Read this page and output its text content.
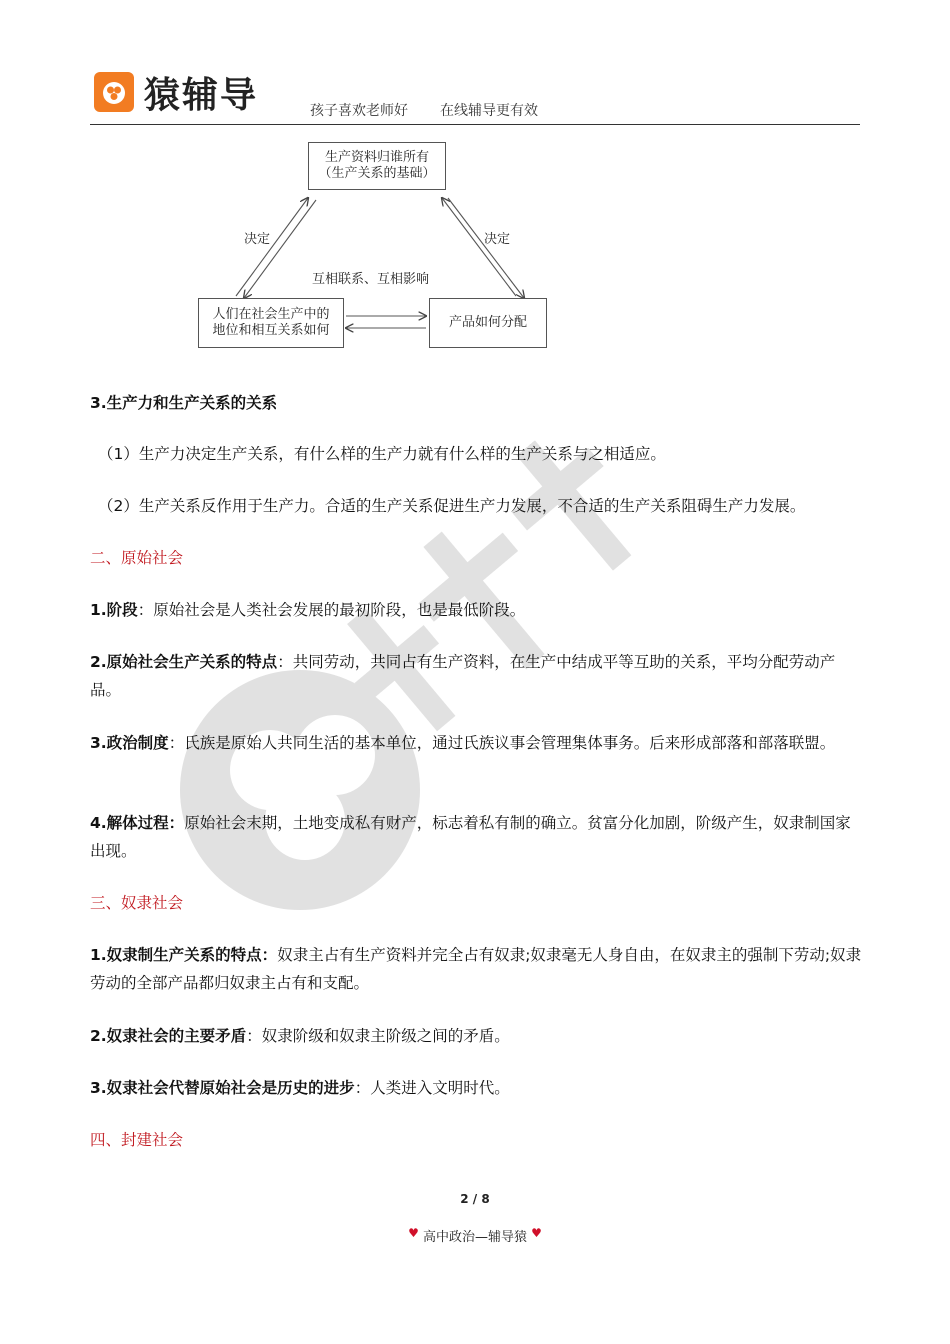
猿辅导	孩子喜欢老师好 在线辅导更有效
生产资料归谁所有
（生产关系的基础）
人们在社会生产中的
地位和相互关系如何
产品如何分配
决定	决定
互相联系、互相影响
3.生产力和生产关系的关系
（1）生产力决定生产关系，有什么样的生产力就有什么样的生产关系与之相适应。
（2）生产关系反作用于生产力。合适的生产关系促进生产力发展，不合适的生产关系阻碍生产力发展。
二、原始社会
1.阶段：原始社会是人类社会发展的最初阶段，也是最低阶段。
2.原始社会生产关系的特点：共同劳动，共同占有生产资料，在生产中结成平等互助的关系，平均分配劳动产品。
3.政治制度：氏族是原始人共同生活的基本单位，通过氏族议事会管理集体事务。后来形成部落和部落联盟。
4.解体过程：原始社会末期，土地变成私有财产，标志着私有制的确立。贫富分化加剧，阶级产生，奴隶制国家出现。
三、奴隶社会
1.奴隶制生产关系的特点：奴隶主占有生产资料并完全占有奴隶;奴隶毫无人身自由，在奴隶主的强制下劳动;奴隶劳动的全部产品都归奴隶主占有和支配。
2.奴隶社会的主要矛盾：奴隶阶级和奴隶主阶级之间的矛盾。
3.奴隶社会代替原始社会是历史的进步：人类进入文明时代。
四、封建社会
2 / 8
♥ 高中政治—辅导猿 ♥
